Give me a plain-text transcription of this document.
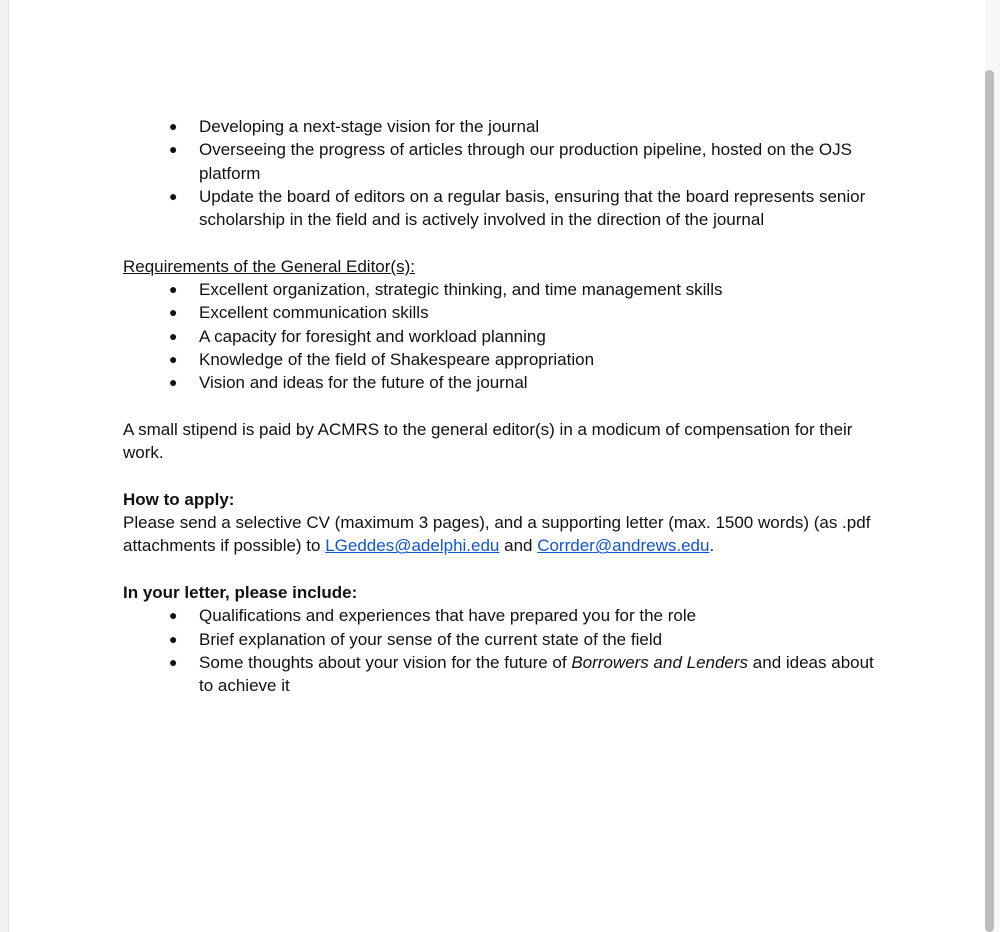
● Developing a next-stage vision for the journal
● Overseeing the progress of articles through our production pipeline, hosted on the OJS platform
● Update the board of editors on a regular basis, ensuring that the board represents senior scholarship in the field and is actively involved in the direction of the journal

Requirements of the General Editor(s):

● Excellent organization, strategic thinking, and time management skills
● Excellent communication skills
● A capacity for foresight and workload planning
● Knowledge of the field of Shakespeare appropriation
● Vision and ideas for the future of the journal

A small stipend is paid by ACMRS to the general editor(s) in a modicum of compensation for their work.

How to apply:

Please send a selective CV (maximum 3 pages), and a supporting letter (max. 1500 words) (as .pdf attachments if possible) to LGeddes@adelphi.edu and Corrder@andrews.edu.

In your letter, please include:

● Qualifications and experiences that have prepared you for the role
● Brief explanation of your sense of the current state of the field
● Some thoughts about your vision for the future of Borrowers and Lenders and ideas about to achieve it
